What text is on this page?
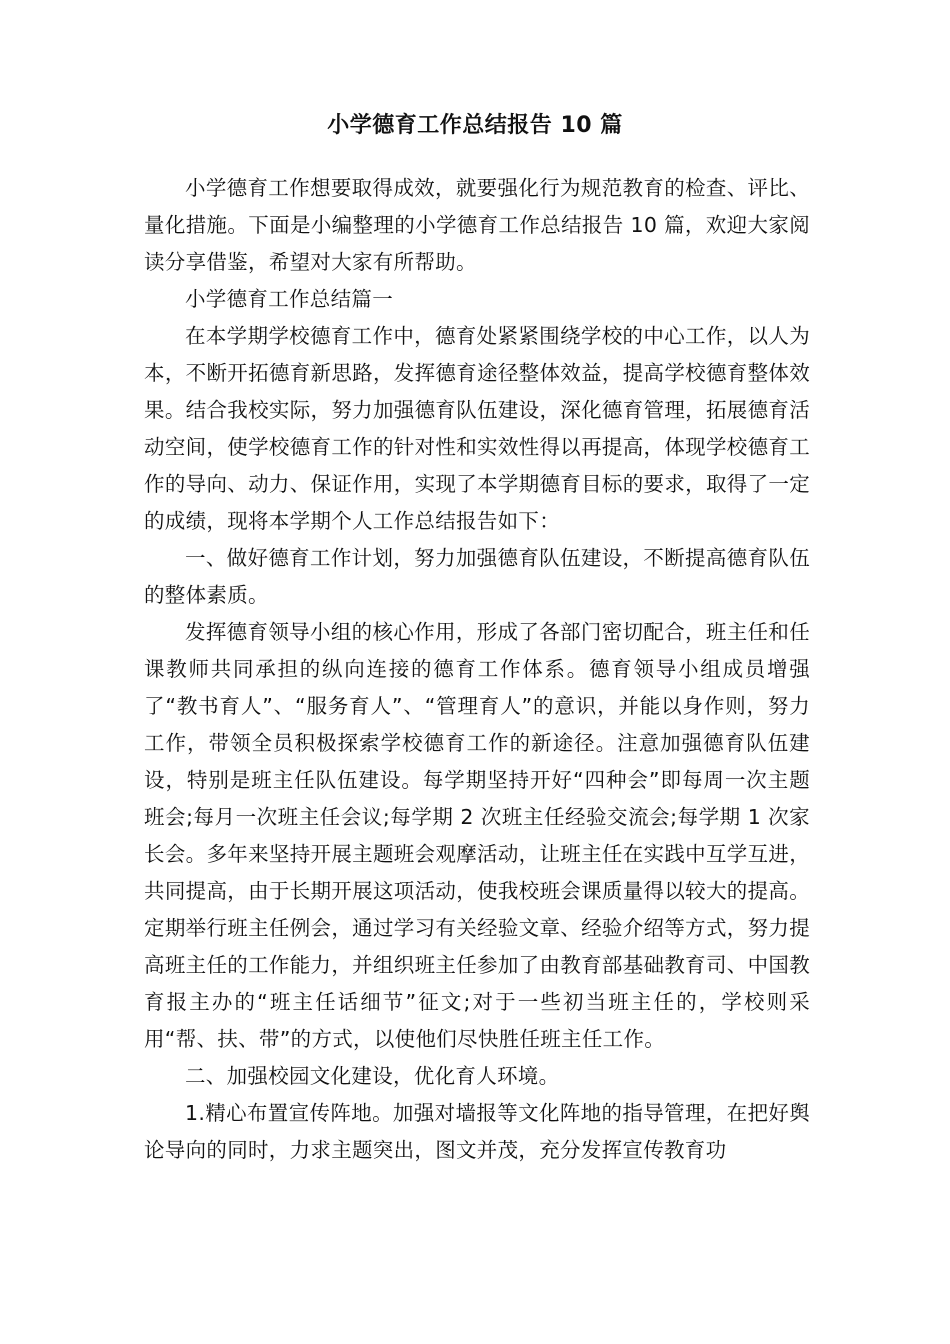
小学德育工作总结报告 10 篇

小学德育工作想要取得成效，就要强化行为规范教育的检查、评比、量化措施。下面是小编整理的小学德育工作总结报告 10 篇，欢迎大家阅读分享借鉴，希望对大家有所帮助。

小学德育工作总结篇一

在本学期学校德育工作中，德育处紧紧围绕学校的中心工作，以人为本，不断开拓德育新思路，发挥德育途径整体效益，提高学校德育整体效果。结合我校实际，努力加强德育队伍建设，深化德育管理，拓展德育活动空间，使学校德育工作的针对性和实效性得以再提高，体现学校德育工作的导向、动力、保证作用，实现了本学期德育目标的要求，取得了一定的成绩，现将本学期个人工作总结报告如下：

一、做好德育工作计划，努力加强德育队伍建设，不断提高德育队伍的整体素质。

发挥德育领导小组的核心作用，形成了各部门密切配合，班主任和任课教师共同承担的纵向连接的德育工作体系。德育领导小组成员增强了“教书育人”、“服务育人”、“管理育人”的意识，并能以身作则，努力工作，带领全员积极探索学校德育工作的新途径。注意加强德育队伍建设，特别是班主任队伍建设。每学期坚持开好“四种会”即每周一次主题班会;每月一次班主任会议;每学期 2 次班主任经验交流会;每学期 1 次家长会。多年来坚持开展主题班会观摩活动，让班主任在实践中互学互进，共同提高，由于长期开展这项活动，使我校班会课质量得以较大的提高。定期举行班主任例会，通过学习有关经验文章、经验介绍等方式，努力提高班主任的工作能力，并组织班主任参加了由教育部基础教育司、中国教育报主办的“班主任话细节”征文;对于一些初当班主任的，学校则采用“帮、扶、带”的方式，以使他们尽快胜任班主任工作。

二、加强校园文化建设，优化育人环境。

1.精心布置宣传阵地。加强对墙报等文化阵地的指导管理，在把好舆论导向的同时，力求主题突出，图文并茂，充分发挥宣传教育功
